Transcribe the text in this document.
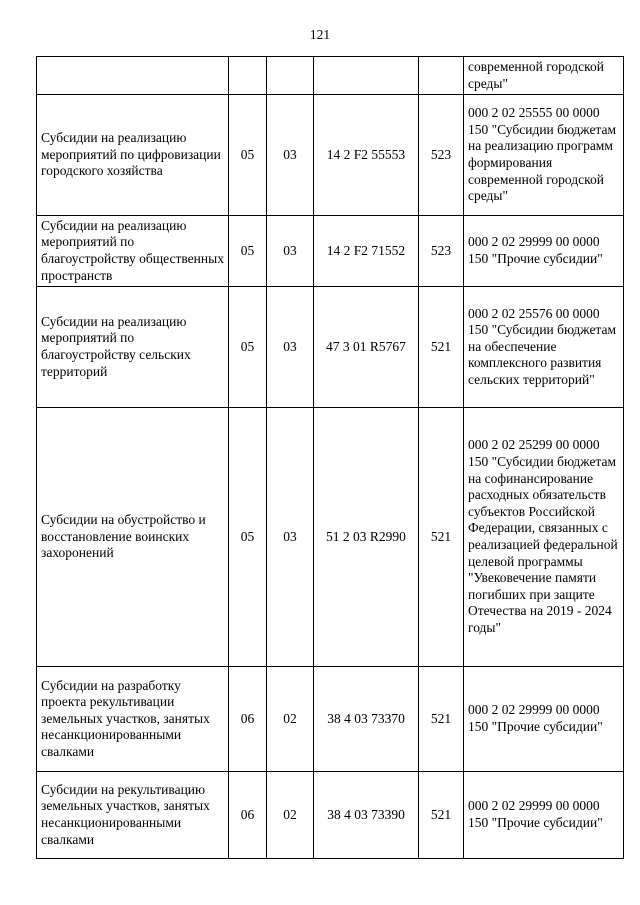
121
					современной городской среды"
Субсидии на реализацию мероприятий по цифровизации городского хозяйства	05	03	14 2 F2 55553	523	000 2 02 25555 00 0000 150 "Субсидии бюджетам на реализацию программ формирования современной городской среды"
Субсидии на реализацию мероприятий по благоустройству общественных пространств	05	03	14 2 F2 71552	523	000 2 02 29999 00 0000 150 "Прочие субсидии"
Субсидии на реализацию мероприятий по благоустройству сельских территорий	05	03	47 3 01 R5767	521	000 2 02 25576 00 0000 150 "Субсидии бюджетам на обеспечение комплексного развития сельских территорий"
Субсидии на обустройство и восстановление воинских захоронений	05	03	51 2 03 R2990	521	000 2 02 25299 00 0000 150 "Субсидии бюджетам на софинансирование расходных обязательств субъектов Российской Федерации, связанных с реализацией федеральной целевой программы "Увековечение памяти погибших при защите Отечества на 2019 - 2024 годы"
Субсидии на разработку проекта рекультивации земельных участков, занятых несанкционированными свалками	06	02	38 4 03 73370	521	000 2 02 29999 00 0000 150 "Прочие субсидии"
Субсидии на рекультивацию земельных участков, занятых несанкционированными свалками	06	02	38 4 03 73390	521	000 2 02 29999 00 0000 150 "Прочие субсидии"
